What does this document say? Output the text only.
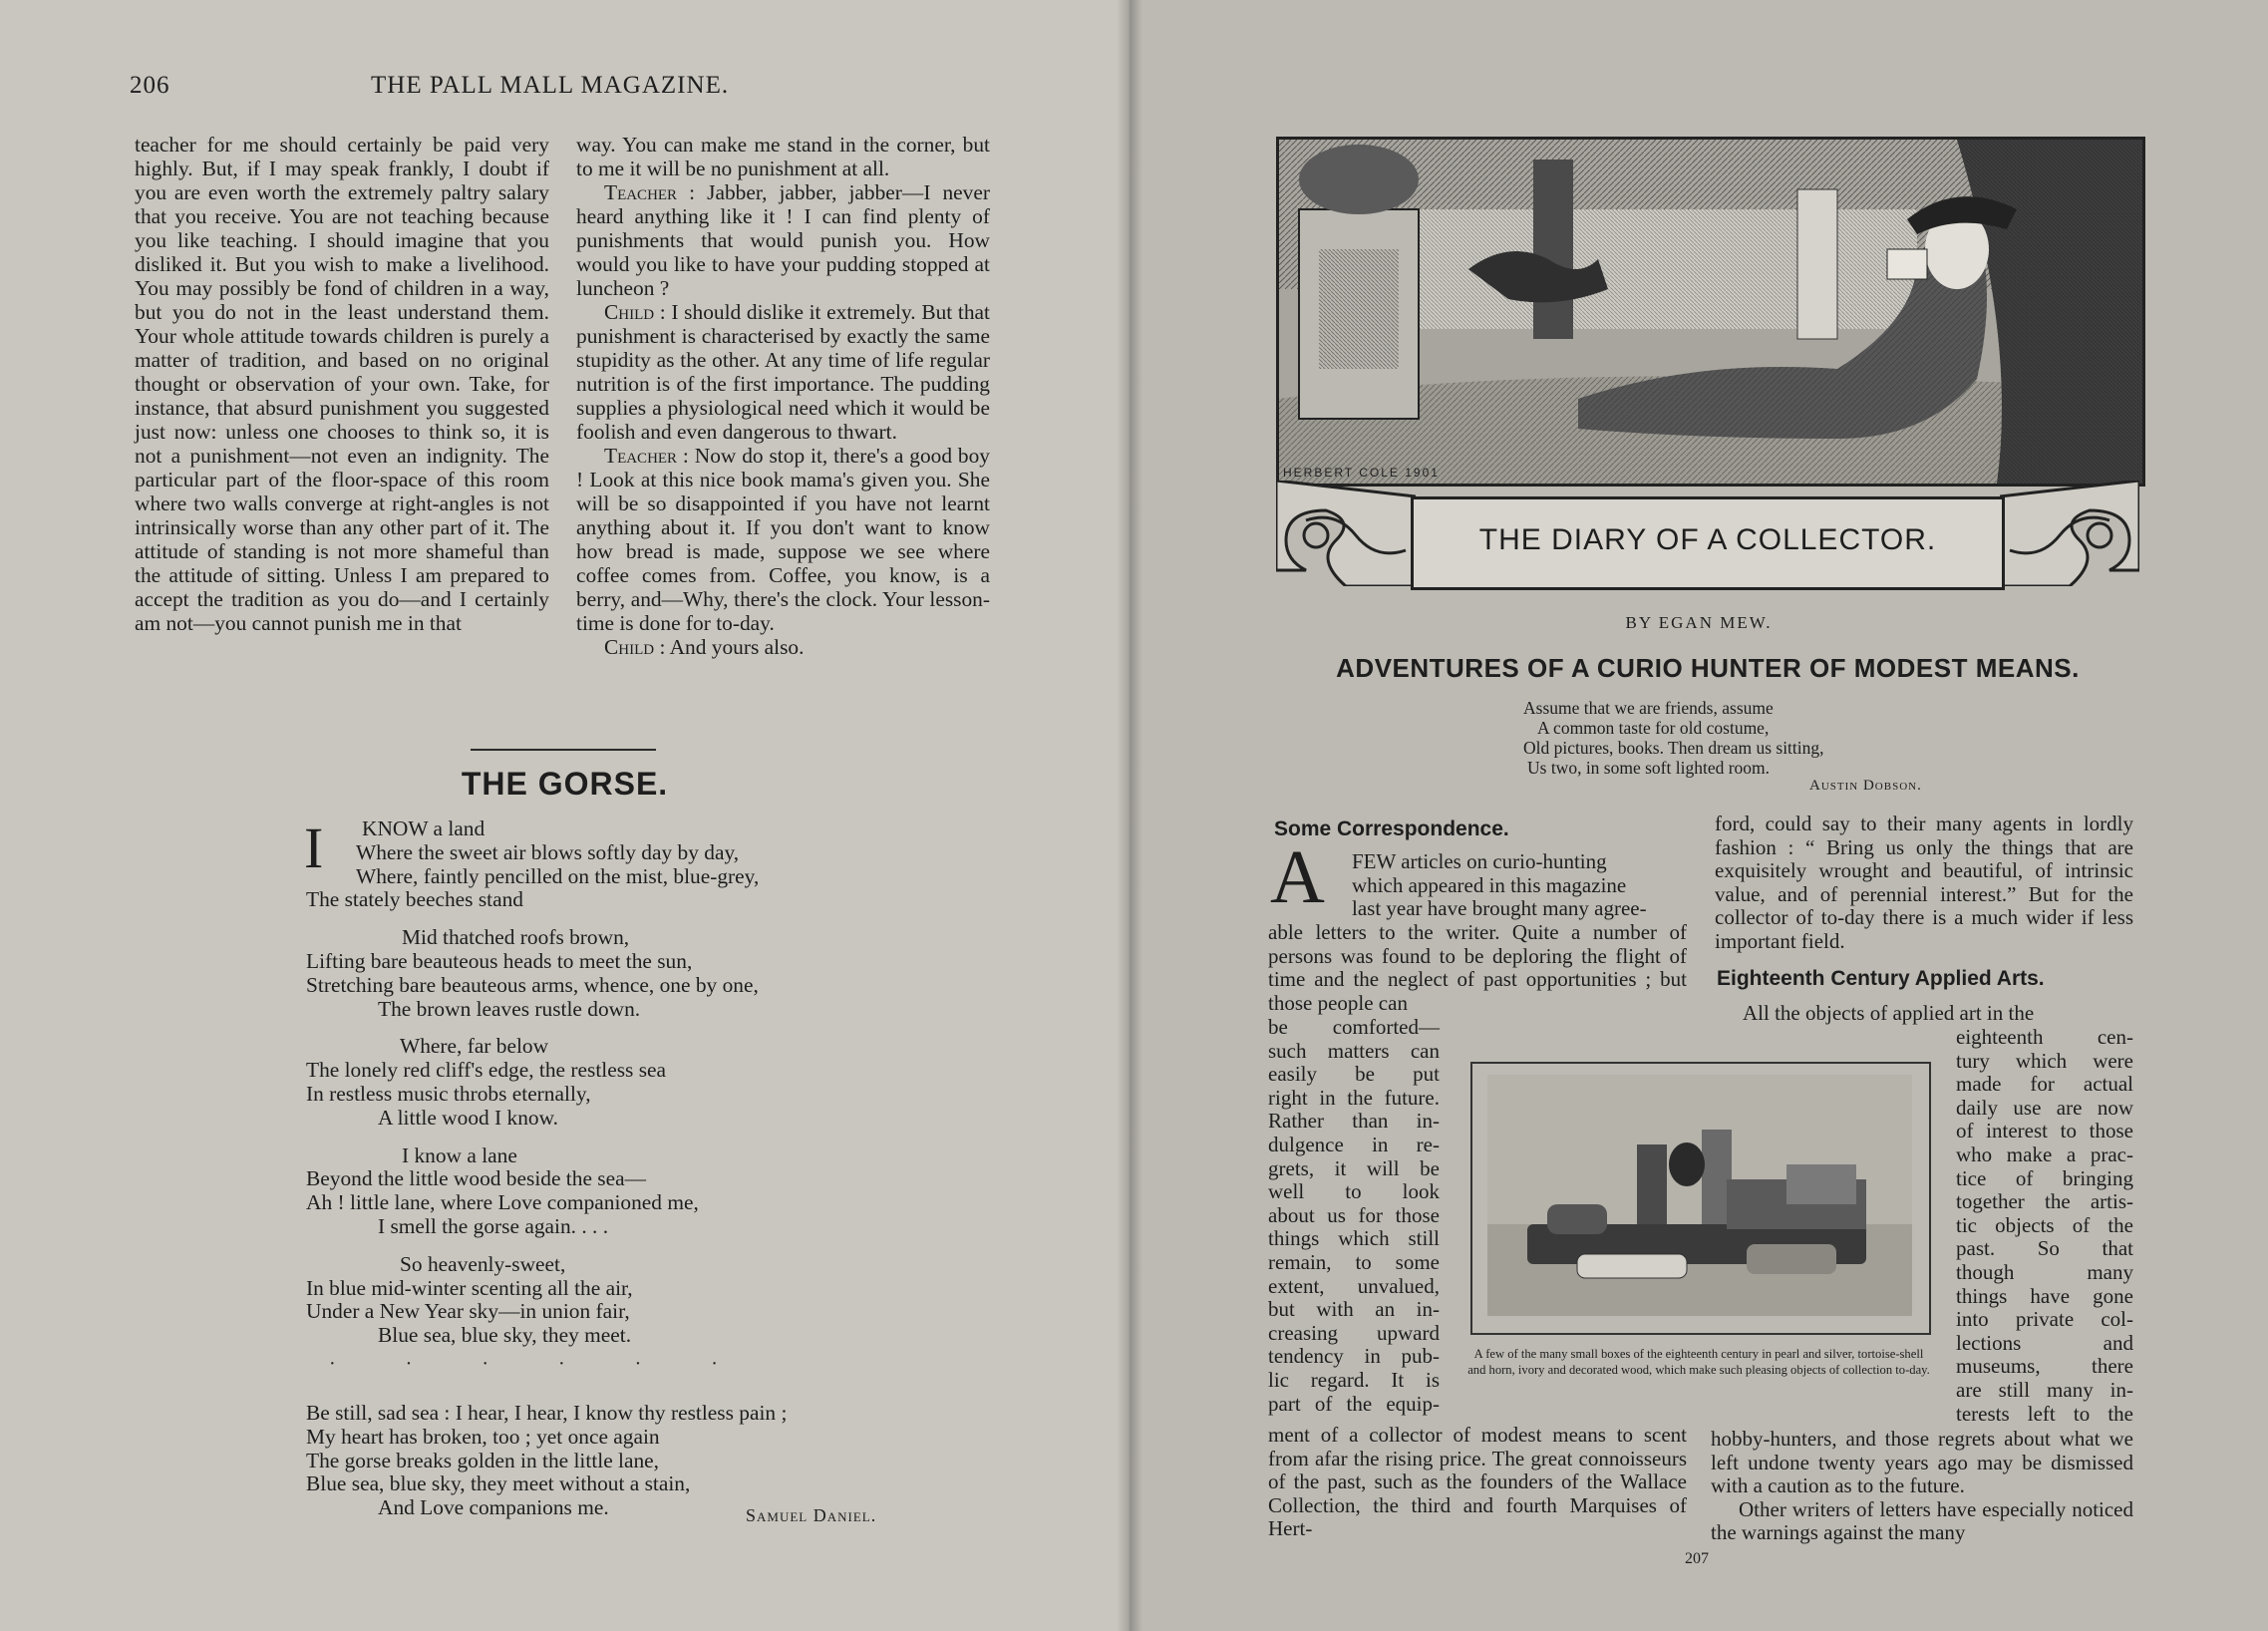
206	THE PALL MALL MAGAZINE.

teacher for me should certainly be paid very highly. But, if I may speak frankly, I doubt if you are even worth the extremely paltry salary that you receive. You are not teaching because you like teaching. I should imagine that you disliked it. But you wish to make a livelihood. You may possibly be fond of children in a way, but you do not in the least understand them. Your whole attitude towards children is purely a matter of tradition, and based on no original thought or observation of your own. Take, for instance, that absurd punishment you suggested just now: unless one chooses to think so, it is not a punishment—not even an indignity. The particular part of the floor-space of this room where two walls converge at right-angles is not intrinsically worse than any other part of it. The attitude of standing is not more shameful than the attitude of sitting. Unless I am prepared to accept the tradition as you do—and I certainly am not—you cannot punish me in that

way. You can make me stand in the corner, but to me it will be no punishment at all.

Teacher : Jabber, jabber, jabber—I never heard anything like it ! I can find plenty of punishments that would punish you. How would you like to have your pudding stopped at luncheon ?

Child : I should dislike it extremely. But that punishment is characterised by exactly the same stupidity as the other. At any time of life regular nutrition is of the first importance. The pudding supplies a physiological need which it would be foolish and even dangerous to thwart.

Teacher : Now do stop it, there's a good boy ! Look at this nice book mama's given you. She will be so disappointed if you have not learnt anything about it. If you don't want to know how bread is made, suppose we see where coffee comes from. Coffee, you know, is a berry, and—Why, there's the clock. Your lesson-time is done for to-day.

Child : And yours also.

THE GORSE.
I	KNOW a land
Where the sweet air blows softly day by day,
Where, faintly pencilled on the mist, blue-grey,
The stately beeches stand
Mid thatched roofs brown,
Lifting bare beauteous heads to meet the sun,
Stretching bare beauteous arms, whence, one by one,
The brown leaves rustle down.
Where, far below
The lonely red cliff's edge, the restless sea
In restless music throbs eternally,
A little wood I know.
I know a lane
Beyond the little wood beside the sea—
Ah ! little lane, where Love companioned me,
I smell the gorse again. . . .
So heavenly-sweet,
In blue mid-winter scenting all the air,
Under a New Year sky—in union fair,
Blue sea, blue sky, they meet.
Be still, sad sea : I hear, I hear, I know thy restless pain ;
My heart has broken, too ; yet once again
The gorse breaks golden in the little lane,
Blue sea, blue sky, they meet without a stain,
And Love companions me.
·              ·              ·              ·              ·              ·
Samuel Daniel.
HERBERT COLE 1901
THE DIARY OF A COLLECTOR.
BY EGAN MEW.
ADVENTURES OF A CURIO HUNTER OF MODEST MEANS.
Assume that we are friends, assume
A common taste for old costume,
Old pictures, books. Then dream us sitting,
Us two, in some soft lighted room.
Austin Dobson.
Some Correspondence.
A FEW articles on curio-hunting
which appeared in this magazine
last year have brought many agree-
able letters to the writer. Quite a number of persons was found to be deploring the flight of time and the neglect of past opportunities ; but those people can
be comforted—
such matters can
easily be put
right in the future.
Rather than in-
dulgence in re-
grets, it will be
well to look
about us for those
things which still
remain, to some
extent, unvalued,
but with an in-
creasing upward
tendency in pub-
lic regard. It is
part of the equip-
ment of a collector of modest means to scent from afar the rising price. The great connoisseurs of the past, such as the founders of the Wallace Collection, the third and fourth Marquises of Hert-
A few of the many small boxes of the eighteenth century in pearl and silver, tortoise-shell and horn, ivory and decorated wood, which make such pleasing objects of collection to-day.
ford, could say to their many agents in lordly fashion : “ Bring us only the things that are exquisitely wrought and beautiful, of intrinsic value, and of perennial interest.” But for the collector of to-day there is a much wider if less important field.
Eighteenth Century Applied Arts.
All the objects of applied art in the
eighteenth cen-
tury which were
made for actual
daily use are now
of interest to those
who make a prac-
tice of bringing
together the artis-
tic objects of the
past. So that
though many
things have gone
into private col-
lections and
museums, there
are still many in-
terests left to the

hobby-hunters, and those regrets about what we left undone twenty years ago may be dismissed with a caution as to the future.

Other writers of letters have especially noticed the warnings against the many

207
